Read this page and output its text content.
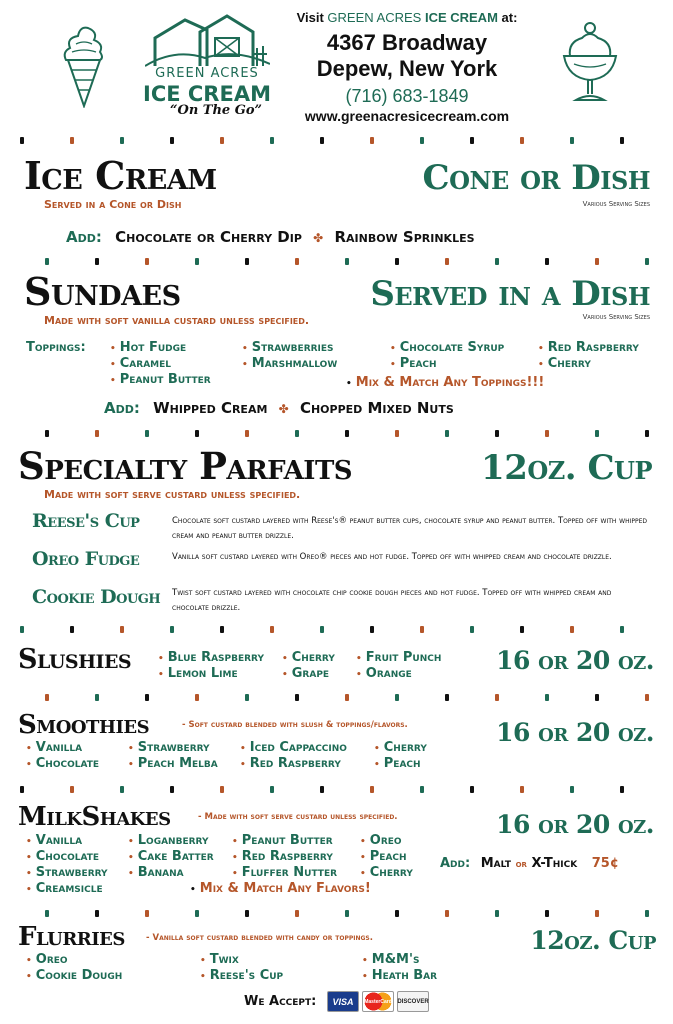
GREEN ACRES
ICE CREAM
“On The Go”
Visit GREEN ACRES ICE CREAM at:
4367 Broadway
Depew, New York
(716) 683-1849
www.greenacresicecream.com
Ice Cream
Served in a Cone or Dish
Cone or Dish
Various Serving Sizes
Add: Chocolate or Cherry Dip ✤ Rainbow Sprinkles
Sundaes
Made with soft vanilla custard unless specified.
Served in a Dish
Various Serving Sizes
Toppings:	• Hot Fudge
• Caramel
• Peanut Butter
• Strawberries
• Marshmallow
• Chocolate Syrup
• Peach
• Red Raspberry
• Cherry
• Mix & Match Any Toppings!!!
Add: Whipped Cream ✤ Chopped Mixed Nuts
Specialty Parfaits
Made with soft serve custard unless specified.
12oz. Cup
Reese's Cup	Chocolate soft custard layered with Reese's® peanut butter cups, chocolate syrup and peanut butter. Topped off with whipped cream and peanut butter drizzle.
Oreo Fudge	Vanilla soft custard layered with Oreo® pieces and hot fudge. Topped off with whipped cream and chocolate drizzle.
Cookie Dough Twist soft custard layered with chocolate chip cookie dough pieces and hot fudge. Topped off with whipped cream and chocolate drizzle.
Slushies	• Blue Raspberry
• Lemon Lime
• Cherry
• Grape
• Fruit Punch
• Orange	16 or 20 oz.
Smoothies	- Soft custard blended with slush & toppings/flavors.
• Vanilla
• Chocolate
• Strawberry
• Peach Melba
• Iced Cappaccino
• Red Raspberry
• Cherry
• Peach
16 or 20 oz.
MilkShakes	- Made with soft serve custard unless specified.
• Vanilla
• Chocolate
• Strawberry
• Creamsicle
• Loganberry
• Cake Batter
• Banana
• Peanut Butter
• Red Raspberry
• Fluffer Nutter
• Oreo
• Peach
• Cherry
• Mix & Match Any Flavors!
16 or 20 oz.
Add: Malt or X-Thick 75¢
Flurries - Vanilla soft custard blended with candy or toppings.	12oz. Cup
• Oreo
• Cookie Dough
• Twix
• Reese's Cup
• M&M's
• Heath Bar
We Accept:	VISA	MasterCard DISCOVER
